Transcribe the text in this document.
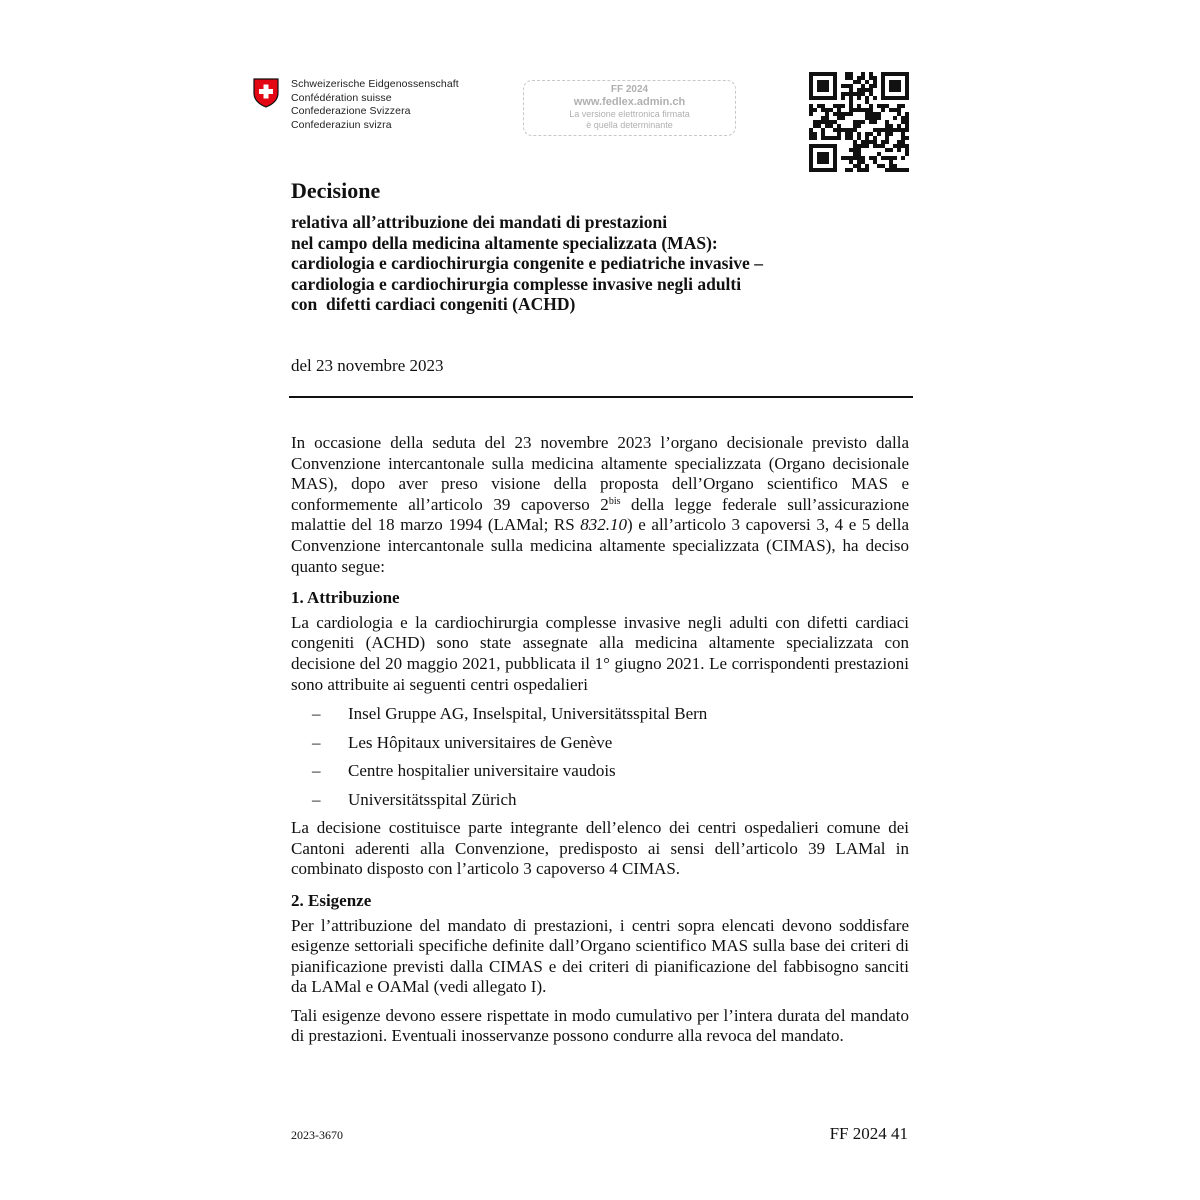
Schweizerische Eidgenossenschaft
Confédération suisse
Confederazione Svizzera
Confederaziun svizra
FF 2024
www.fedlex.admin.ch
La versione elettronica firmata
è quella determinante
Decisione
relativa all’attribuzione dei mandati di prestazioni
nel campo della medicina altamente specializzata (MAS):
cardiologia e cardiochirurgia congenite e pediatriche invasive –
cardiologia e cardiochirurgia complesse invasive negli adulti
con  difetti cardiaci congeniti (ACHD)
del 23 novembre 2023

In occasione della seduta del 23 novembre 2023 l’organo decisionale previsto dalla Convenzione intercantonale sulla medicina altamente specializzata (Organo decisionale MAS), dopo aver preso visione della proposta dell’Organo scientifico MAS e conformemente all’articolo 39 capoverso $2^{bis}$ della legge federale sull’assicurazione malattie del 18 marzo 1994 (LAMal; RS 832.10) e all’articolo 3 capoversi 3, 4 e 5 della Convenzione intercantonale sulla medicina altamente specializzata (CIMAS), ha deciso quanto segue:

1. Attribuzione

La cardiologia e la cardiochirurgia complesse invasive negli adulti con difetti cardiaci congeniti (ACHD) sono state assegnate alla medicina altamente specializzata con decisione del 20 maggio 2021, pubblicata il 1° giugno 2021. Le corrispondenti prestazioni sono attribuite ai seguenti centri ospedalieri

–	Insel Gruppe AG, Inselspital, Universitätsspital Bern
–	Les Hôpitaux universitaires de Genève
–	Centre hospitalier universitaire vaudois
–	Universitätsspital Zürich

La decisione costituisce parte integrante dell’elenco dei centri ospedalieri comune dei Cantoni aderenti alla Convenzione, predisposto ai sensi dell’articolo 39 LAMal in combinato disposto con l’articolo 3 capoverso 4 CIMAS.

2. Esigenze

Per l’attribuzione del mandato di prestazioni, i centri sopra elencati devono soddisfare esigenze settoriali specifiche definite dall’Organo scientifico MAS sulla base dei criteri di pianificazione previsti dalla CIMAS e dei criteri di pianificazione del fabbisogno sanciti da LAMal e OAMal (vedi allegato I).

Tali esigenze devono essere rispettate in modo cumulativo per l’intera durata del mandato di prestazioni. Eventuali inosservanze possono condurre alla revoca del mandato.

2023-3670	FF 2024 41
